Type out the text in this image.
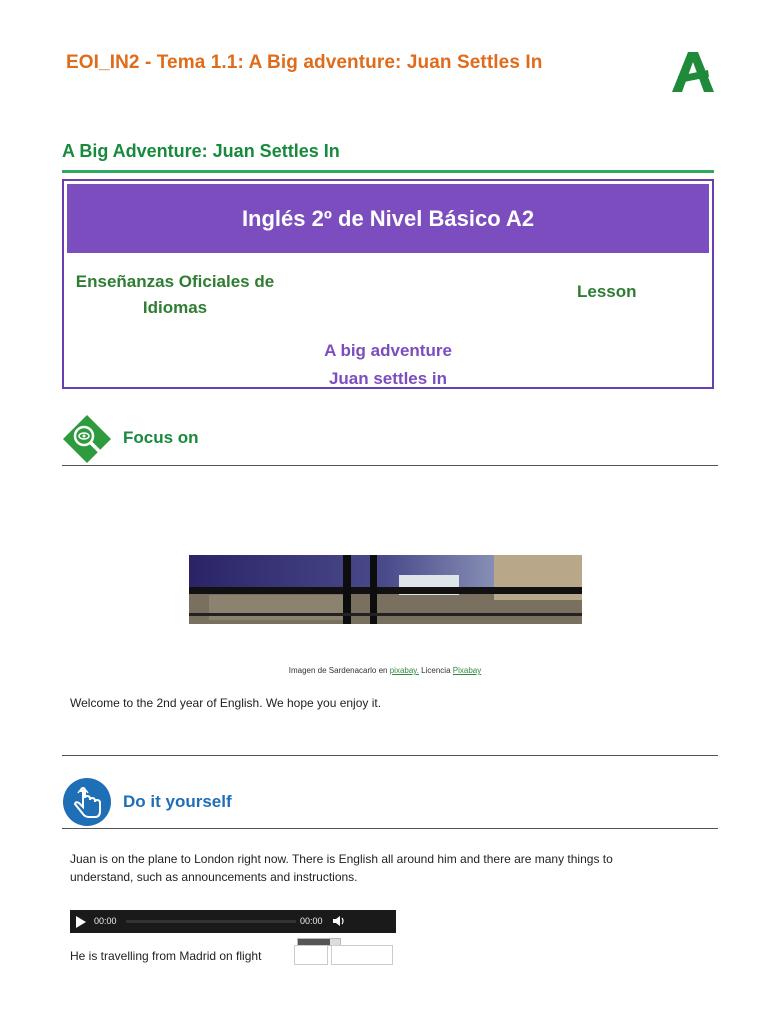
EOI_IN2 - Tema 1.1: A Big adventure: Juan Settles In
A Big Adventure: Juan Settles In
Inglés 2º de Nivel Básico A2
Enseñanzas Oficiales de
Idiomas
Lesson
A big adventure
Juan settles in
Focus on
Imagen de Sardenacarlo en pixabay. Licencia Pixabay
Welcome to the 2nd year of English. We hope you enjoy it.
Do it yourself
Juan is on the plane to London right now. There is English all around him and there are many things to
understand, such as announcements and instructions.
00:00	00:00
He is travelling from Madrid on flight
